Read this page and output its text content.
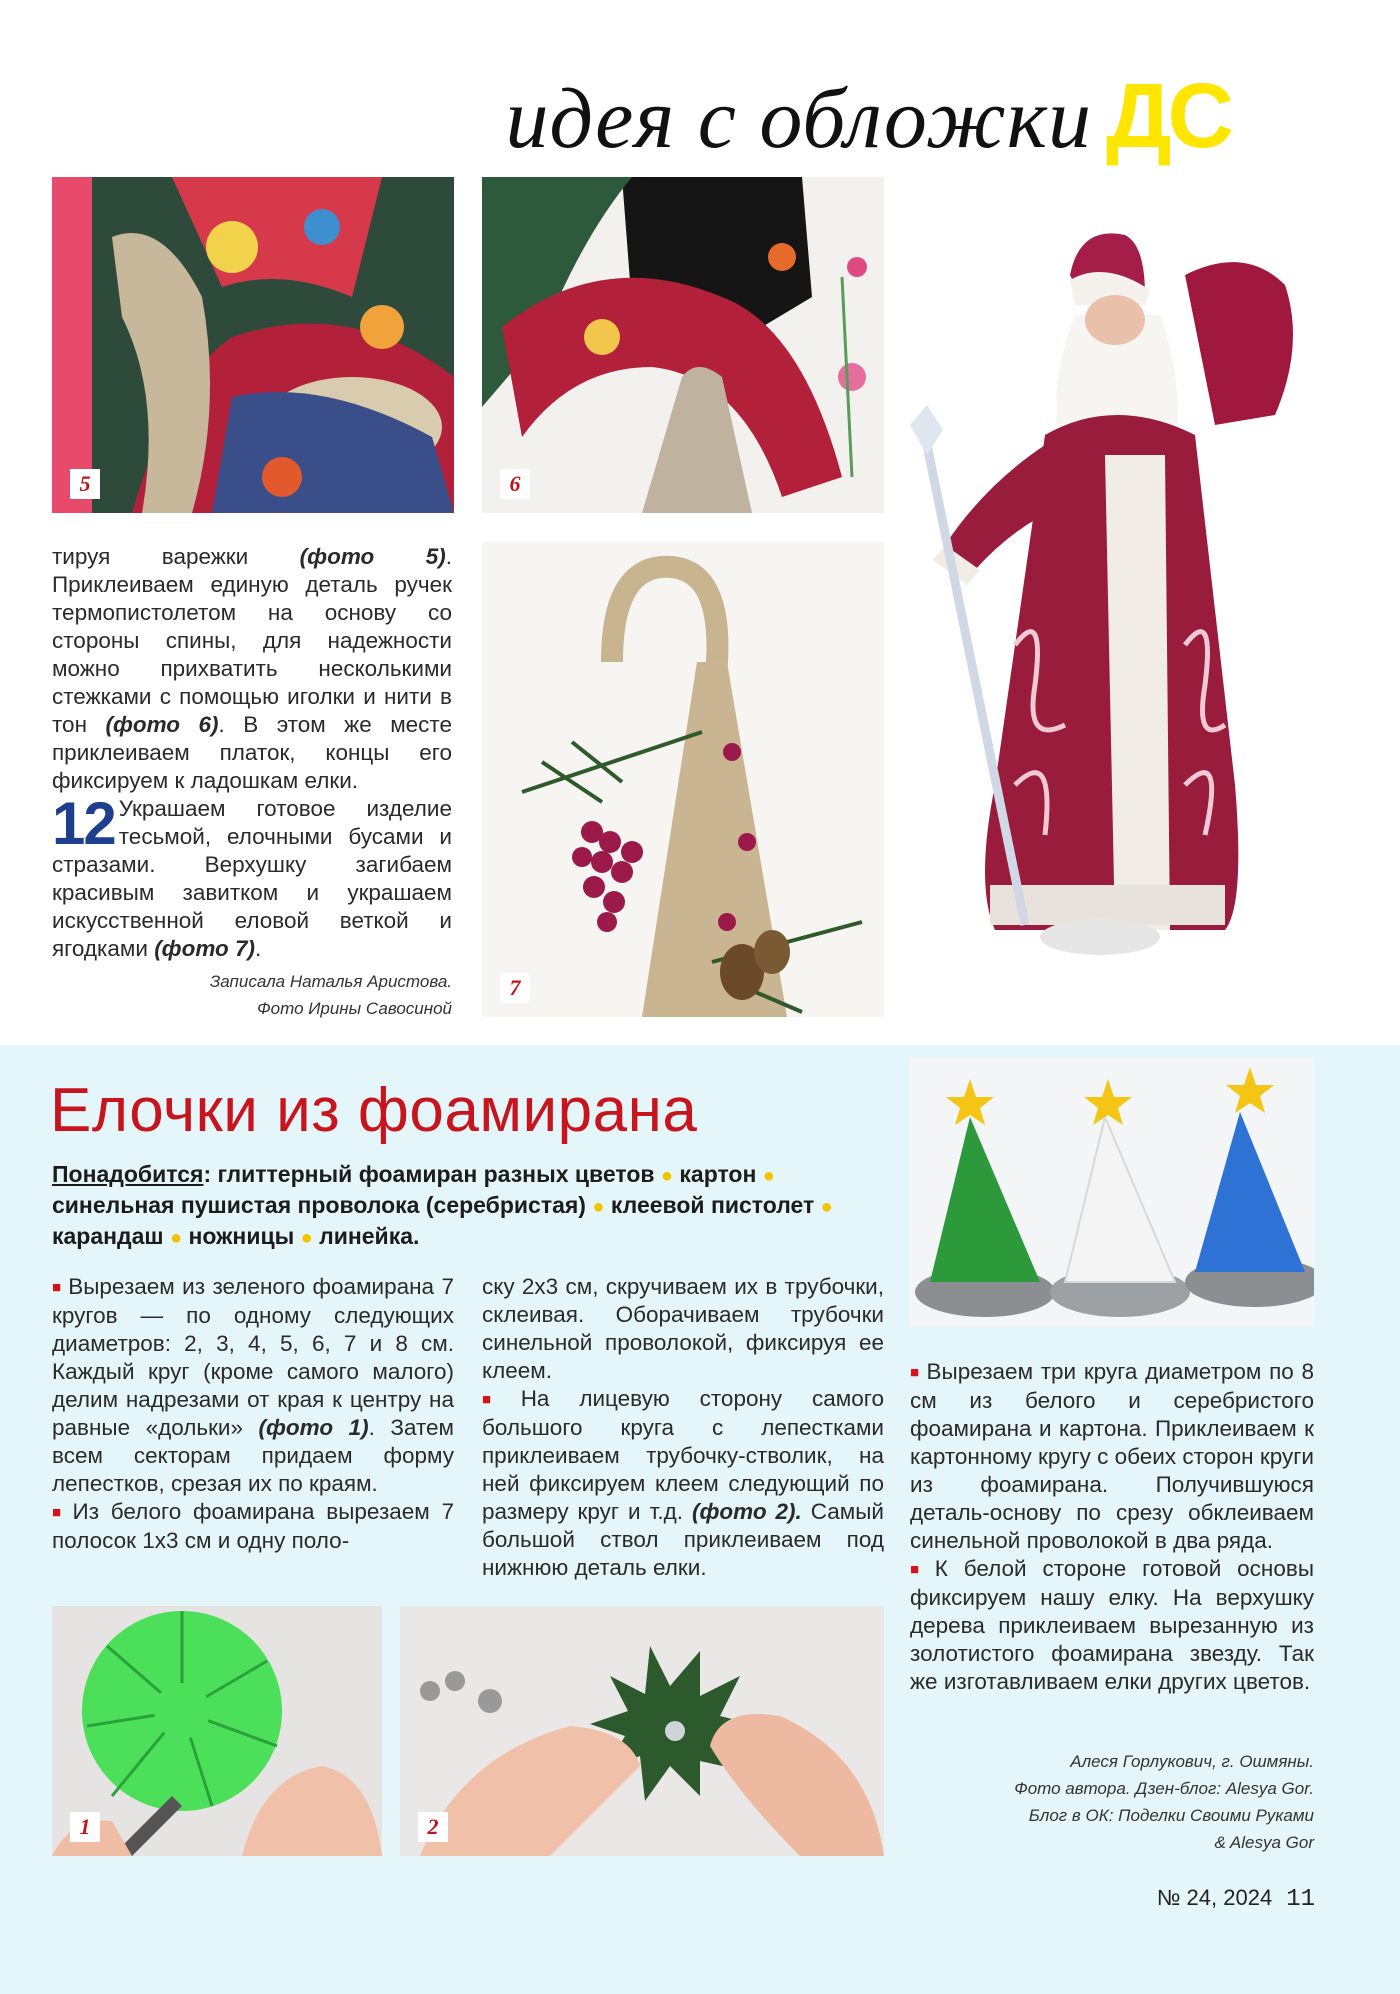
идея с обложки ДС
5	6
7

тируя варежки (фото 5). Приклеиваем единую деталь ручек термопистолетом на основу со стороны спины, для надежности можно прихватить несколькими стежками с помощью иголки и нити в тон (фото 6). В этом же месте приклеиваем платок, концы его фиксируем к ладошкам елки.

12 Украшаем готовое изделие тесьмой, елочными бусами и стразами. Верхушку загибаем красивым завитком и украшаем искусственной еловой веткой и ягодками (фото 7).

Записала Наталья Аристова.
Фото Ирины Савосиной
Елочки из фоамирана
Понадобится: глиттерный фоамиран разных цветов ● картон ● синельная пушистая проволока (серебристая) ● клеевой пистолет ● карандаш ● ножницы ● линейка.

■ Вырезаем из зеленого фоамирана 7 кругов — по одному следующих диаметров: 2, 3, 4, 5, 6, 7 и 8 см. Каждый круг (кроме самого малого) делим надрезами от края к центру на равные «дольки» (фото 1). Затем всем секторам придаем форму лепестков, срезая их по краям.

■ Из белого фоамирана вырезаем 7 полосок 1х3 см и одну поло-

ску 2х3 см, скручиваем их в трубочки, склеивая. Оборачиваем трубочки синельной проволокой, фиксируя ее клеем.

■ На лицевую сторону самого большого круга с лепестками приклеиваем трубочку-стволик, на ней фиксируем клеем следующий по размеру круг и т.д. (фото 2). Самый большой ствол приклеиваем под нижнюю деталь елки.

■ Вырезаем три круга диаметром по 8 см из белого и серебристого фоамирана и картона. Приклеиваем к картонному кругу с обеих сторон круги из фоамирана. Получившуюся деталь-основу по срезу обклеиваем синельной проволокой в два ряда.

■ К белой стороне готовой основы фиксируем нашу елку. На верхушку дерева приклеиваем вырезанную из золотистого фоамирана звезду. Так же изготавливаем елки других цветов.

Алеся Горлукович, г. Ошмяны.
Фото автора. Дзен-блог: Alesya Gor.
Блог в ОК: Поделки Своими Руками
& Alesya Gor
1	2
№ 24, 2024 11
